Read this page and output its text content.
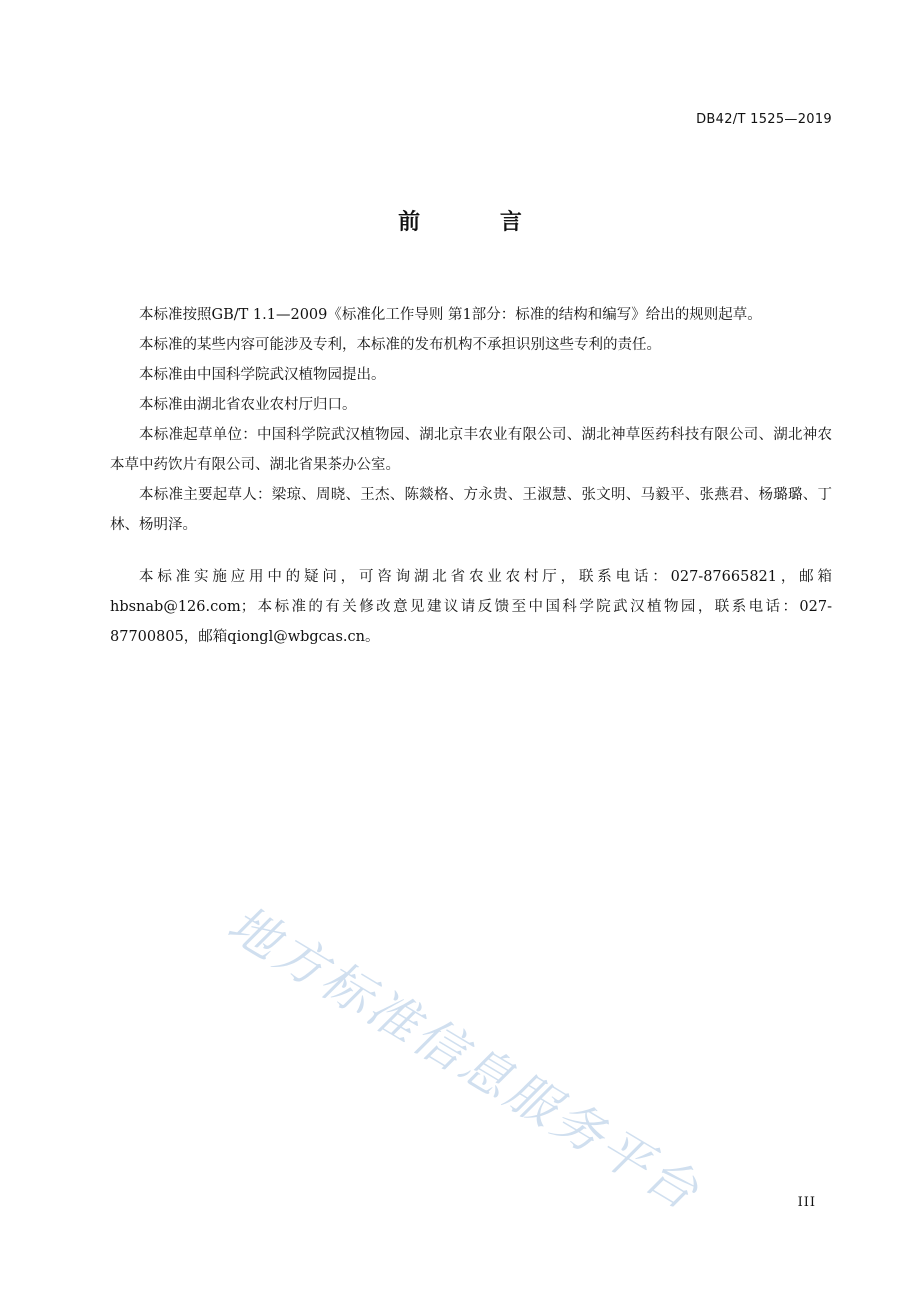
DB42/T 1525—2019
前 言

本标准按照GB/T 1.1—2009《标准化工作导则 第1部分：标准的结构和编写》给出的规则起草。

本标准的某些内容可能涉及专利，本标准的发布机构不承担识别这些专利的责任。

本标准由中国科学院武汉植物园提出。

本标准由湖北省农业农村厅归口。

本标准起草单位：中国科学院武汉植物园、湖北京丰农业有限公司、湖北神草医药科技有限公司、湖北神农本草中药饮片有限公司、湖北省果茶办公室。

本标准主要起草人：梁琼、周晓、王杰、陈燚格、方永贵、王淑慧、张文明、马毅平、张燕君、杨璐璐、丁林、杨明泽。

本标准实施应用中的疑问，可咨询湖北省农业农村厅，联系电话：027-87665821，邮箱hbsnab@126.com；本标准的有关修改意见建议请反馈至中国科学院武汉植物园，联系电话：027-87700805，邮箱qiongl@wbgcas.cn。

地方标准信息服务平台	III
